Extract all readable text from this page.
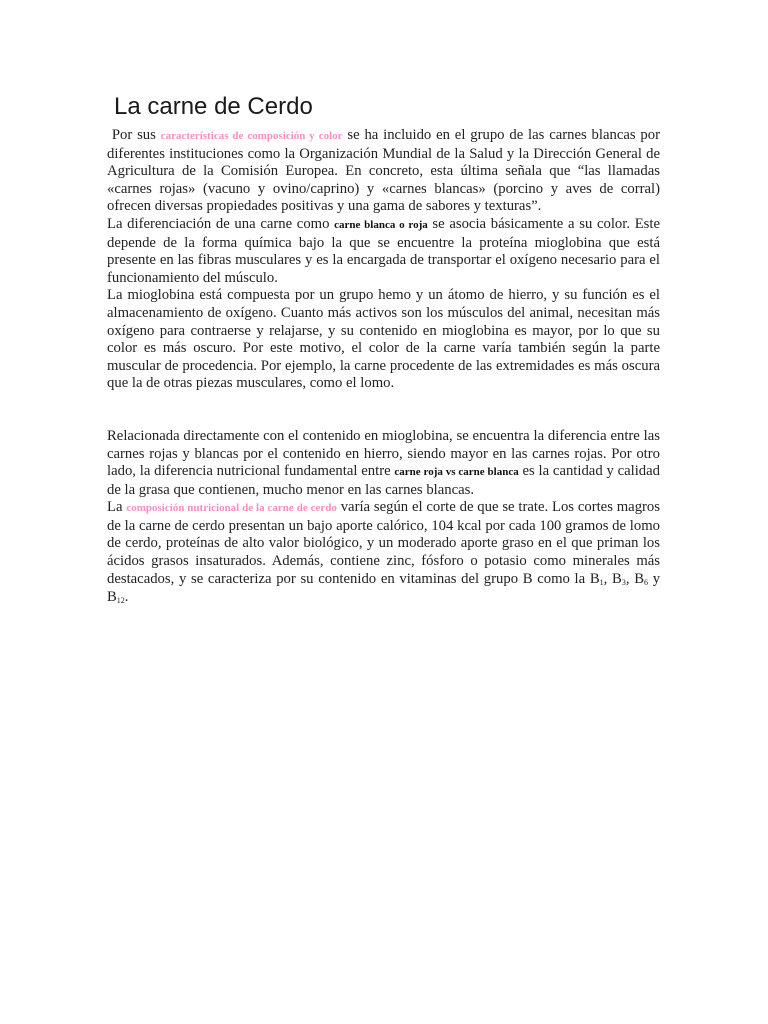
La carne de Cerdo

Por sus características de composición y color se ha incluido en el grupo de las carnes blancas por diferentes instituciones como la Organización Mundial de la Salud y la Dirección General de Agricultura de la Comisión Europea. En concreto, esta última señala que “las llamadas «carnes rojas» (vacuno y ovino/caprino) y «carnes blancas» (porcino y aves de corral) ofrecen diversas propiedades positivas y una gama de sabores y texturas”.

La diferenciación de una carne como carne blanca o roja se asocia básicamente a su color. Este depende de la forma química bajo la que se encuentre la proteína mioglobina que está presente en las fibras musculares y es la encargada de transportar el oxígeno necesario para el funcionamiento del músculo.

La mioglobina está compuesta por un grupo hemo y un átomo de hierro, y su función es el almacenamiento de oxígeno. Cuanto más activos son los músculos del animal, necesitan más oxígeno para contraerse y relajarse, y su contenido en mioglobina es mayor, por lo que su color es más oscuro. Por este motivo, el color de la carne varía también según la parte muscular de procedencia. Por ejemplo, la carne procedente de las extremidades es más oscura que la de otras piezas musculares, como el lomo.

Relacionada directamente con el contenido en mioglobina, se encuentra la diferencia entre las carnes rojas y blancas por el contenido en hierro, siendo mayor en las carnes rojas. Por otro lado, la diferencia nutricional fundamental entre carne roja vs carne blanca es la cantidad y calidad de la grasa que contienen, mucho menor en las carnes blancas.

La composición nutricional de la carne de cerdo varía según el corte de que se trate. Los cortes magros de la carne de cerdo presentan un bajo aporte calórico, 104 kcal por cada 100 gramos de lomo de cerdo, proteínas de alto valor biológico, y un moderado aporte graso en el que priman los ácidos grasos insaturados. Además, contiene zinc, fósforo o potasio como minerales más destacados, y se caracteriza por su contenido en vitaminas del grupo B como la $B_1$, $B_3$, $B_6$ y $B_{12}$.
